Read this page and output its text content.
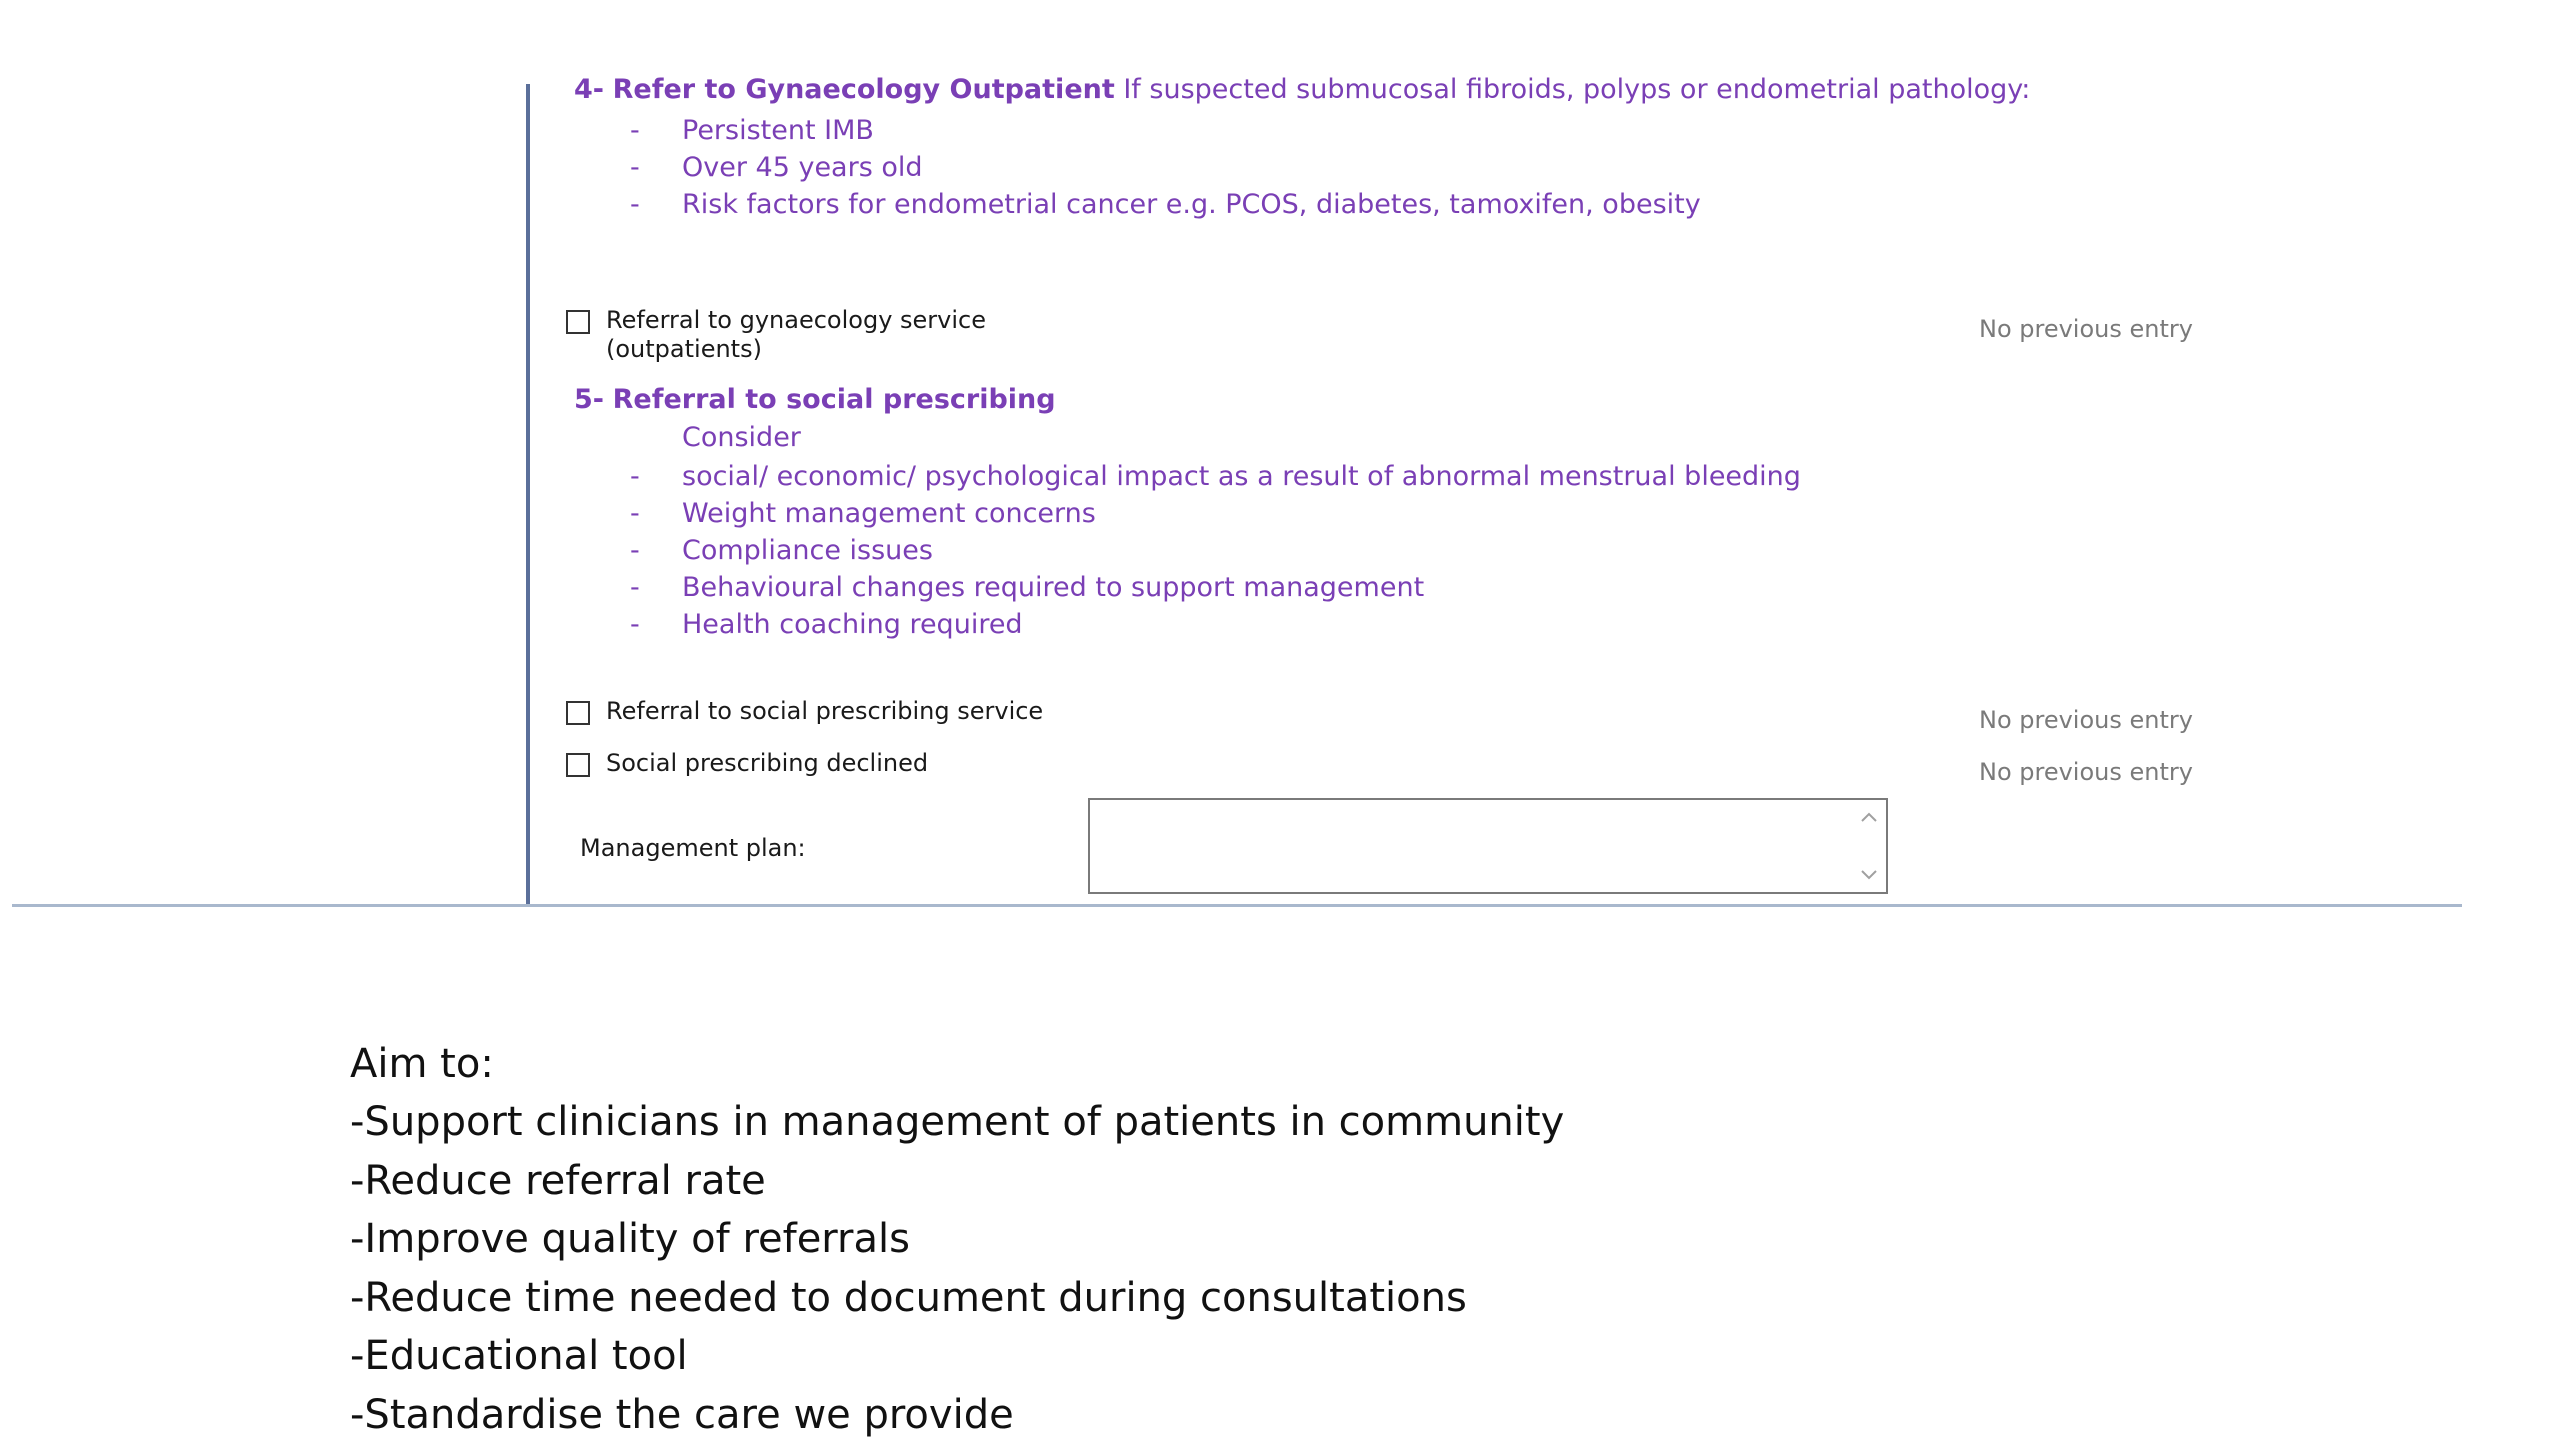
4- Refer to Gynaecology Outpatient If suspected submucosal fibroids, polyps or endometrial pathology:
- Persistent IMB
- Over 45 years old
- Risk factors for endometrial cancer e.g. PCOS, diabetes, tamoxifen, obesity
Referral to gynaecology service
(outpatients)
No previous entry
5- Referral to social prescribing
Consider
- social/ economic/ psychological impact as a result of abnormal menstrual bleeding
- Weight management concerns
- Compliance issues
- Behavioural changes required to support management
- Health coaching required
Referral to social prescribing service	No previous entry
Social prescribing declined	No previous entry
Management plan:
Aim to:
-Support clinicians in management of patients in community
-Reduce referral rate
-Improve quality of referrals
-Reduce time needed to document during consultations
-Educational tool
-Standardise the care we provide
